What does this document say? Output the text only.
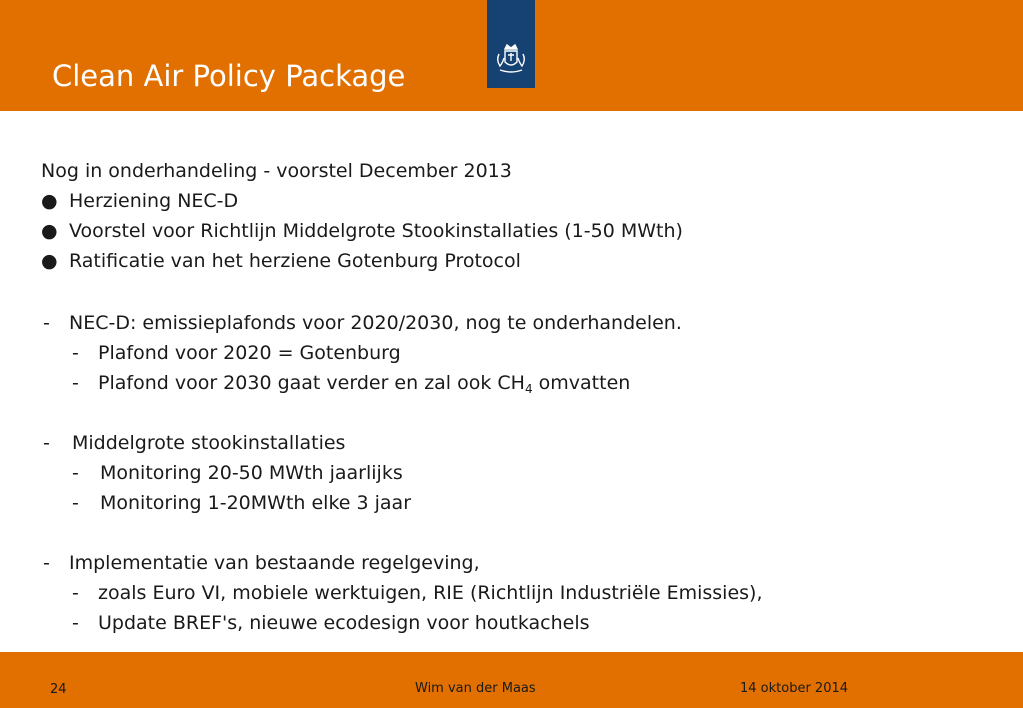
Clean Air Policy Package
Nog in onderhandeling - voorstel December 2013
● Herziening NEC-D
● Voorstel voor Richtlijn Middelgrote Stookinstallaties (1-50 MWth)
● Ratificatie van het herziene Gotenburg Protocol
- NEC-D: emissieplafonds voor 2020/2030, nog te onderhandelen.
- Plafond voor 2020 = Gotenburg
- Plafond voor 2030 gaat verder en zal ook $CH_4$ omvatten
- Middelgrote stookinstallaties
- Monitoring 20-50 MWth jaarlijks
- Monitoring 1-20MWth elke 3 jaar
- Implementatie van bestaande regelgeving,
- zoals Euro VI, mobiele werktuigen, RIE (Richtlijn Industriële Emissies),
- Update BREF's, nieuwe ecodesign voor houtkachels
24	Wim van der Maas	14 oktober 2014
